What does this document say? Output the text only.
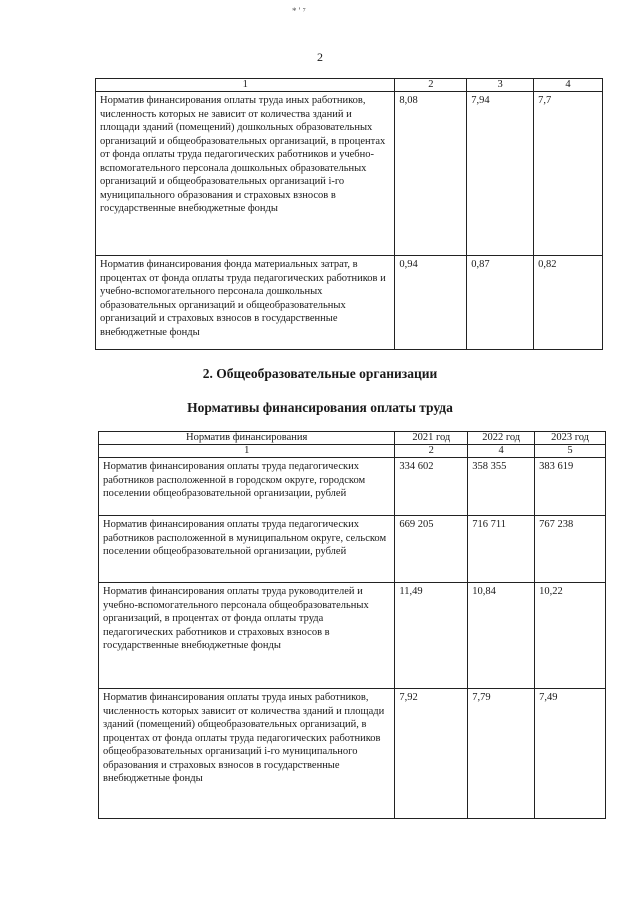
* ' ⁷
2
1	2	3	4
Норматив финансирования оплаты труда иных работников, численность которых не зависит от количества зданий и площади зданий (помещений) дошкольных образовательных организаций и общеобразовательных организаций, в процентах от фонда оплаты труда педагогических работников и учебно-вспомогательного персонала дошкольных образовательных организаций и общеобразовательных организаций i-го муниципального образования и страховых взносов в государственные внебюджетные фонды	8,08	7,94	7,7
Норматив финансирования фонда материальных затрат, в процентах от фонда оплаты труда педагогических работников и учебно-вспомогательного персонала дошкольных образовательных организаций и общеобразовательных организаций и страховых взносов в государственные внебюджетные фонды	0,94	0,87	0,82
2. Общеобразовательные организации
Нормативы финансирования оплаты труда
Норматив финансирования	2021 год	2022 год	2023 год
1	2	4	5
Норматив финансирования оплаты труда педагогических работников расположенной в городском округе, городском поселении общеобразовательной организации, рублей	334 602	358 355	383 619
Норматив финансирования оплаты труда педагогических работников расположенной в муниципальном округе, сельском поселении общеобразовательной организации, рублей	669 205	716 711	767 238
Норматив финансирования оплаты труда руководителей и учебно-вспомогательного персонала общеобразовательных организаций, в процентах от фонда оплаты труда педагогических работников и страховых взносов в государственные внебюджетные фонды	11,49	10,84	10,22
Норматив финансирования оплаты труда иных работников, численность которых зависит от количества зданий и площади зданий (помещений) общеобразовательных организаций, в процентах от фонда оплаты труда педагогических работников общеобразовательных организаций i-го муниципального образования и страховых взносов в государственные внебюджетные фонды	7,92	7,79	7,49
